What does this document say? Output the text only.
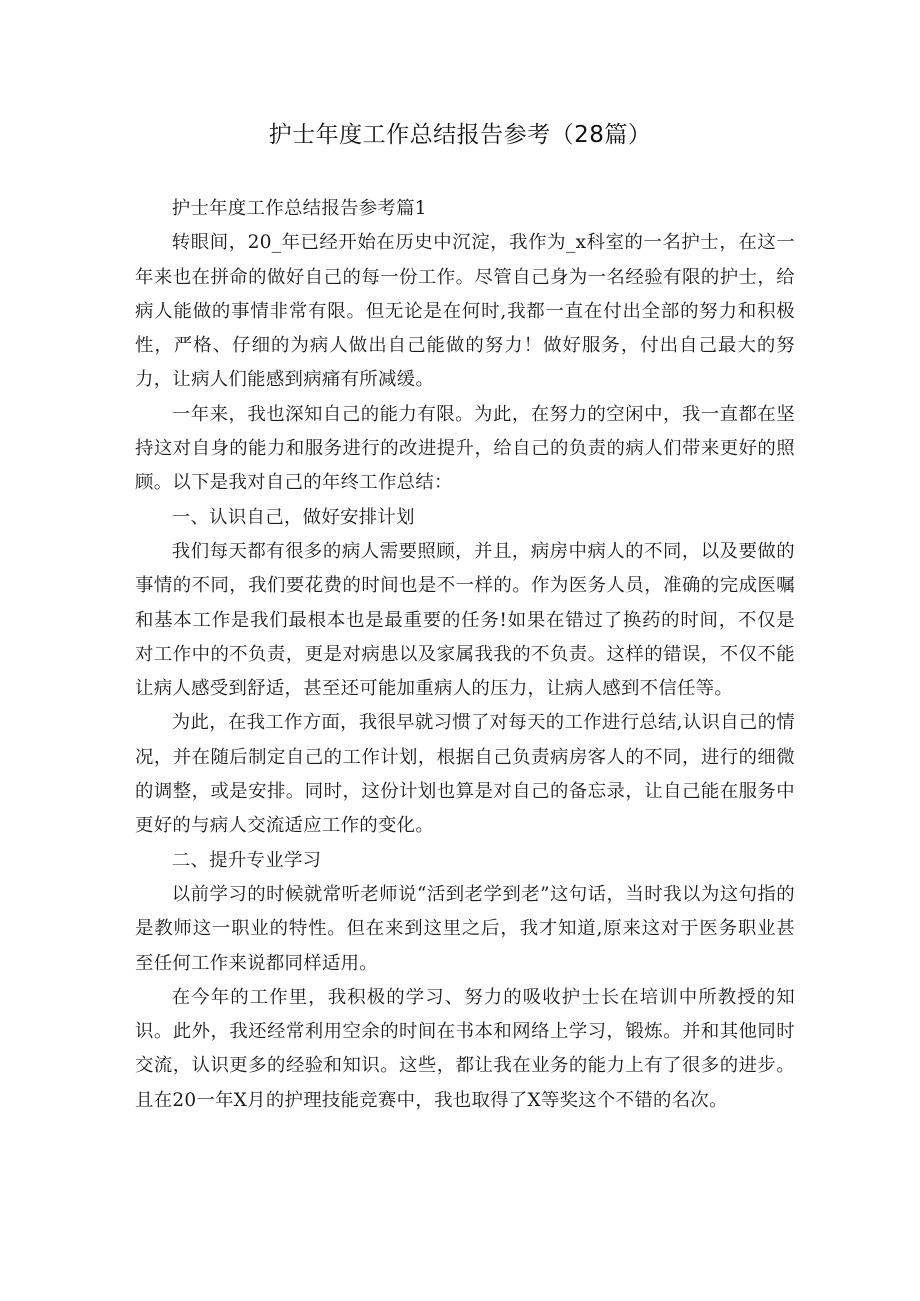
护士年度工作总结报告参考（28篇）

护士年度工作总结报告参考篇1

转眼间，20_年已经开始在历史中沉淀，我作为_x科室的一名护士，在这一年来也在拼命的做好自己的每一份工作。尽管自己身为一名经验有限的护士，给病人能做的事情非常有限。但无论是在何时,我都一直在付出全部的努力和积极性，严格、仔细的为病人做出自己能做的努力！做好服务，付出自己最大的努力，让病人们能感到病痛有所减缓。

一年来，我也深知自己的能力有限。为此，在努力的空闲中，我一直都在坚持这对自身的能力和服务进行的改进提升，给自己的负责的病人们带来更好的照顾。以下是我对自己的年终工作总结：

一、认识自己，做好安排计划

我们每天都有很多的病人需要照顾，并且，病房中病人的不同，以及要做的事情的不同，我们要花费的时间也是不一样的。作为医务人员，准确的完成医嘱和基本工作是我们最根本也是最重要的任务!如果在错过了换药的时间，不仅是对工作中的不负责，更是对病患以及家属我我的不负责。这样的错误，不仅不能让病人感受到舒适，甚至还可能加重病人的压力，让病人感到不信任等。

为此，在我工作方面，我很早就习惯了对每天的工作进行总结,认识自己的情况，并在随后制定自己的工作计划，根据自己负责病房客人的不同，进行的细微的调整，或是安排。同时，这份计划也算是对自己的备忘录，让自己能在服务中更好的与病人交流适应工作的变化。

二、提升专业学习

以前学习的时候就常听老师说“活到老学到老”这句话，当时我以为这句指的是教师这一职业的特性。但在来到这里之后，我才知道,原来这对于医务职业甚至任何工作来说都同样适用。

在今年的工作里，我积极的学习、努力的吸收护士长在培训中所教授的知识。此外，我还经常利用空余的时间在书本和网络上学习，锻炼。并和其他同时交流，认识更多的经验和知识。这些，都让我在业务的能力上有了很多的进步。且在20一年X月的护理技能竞赛中，我也取得了X等奖这个不错的名次。
